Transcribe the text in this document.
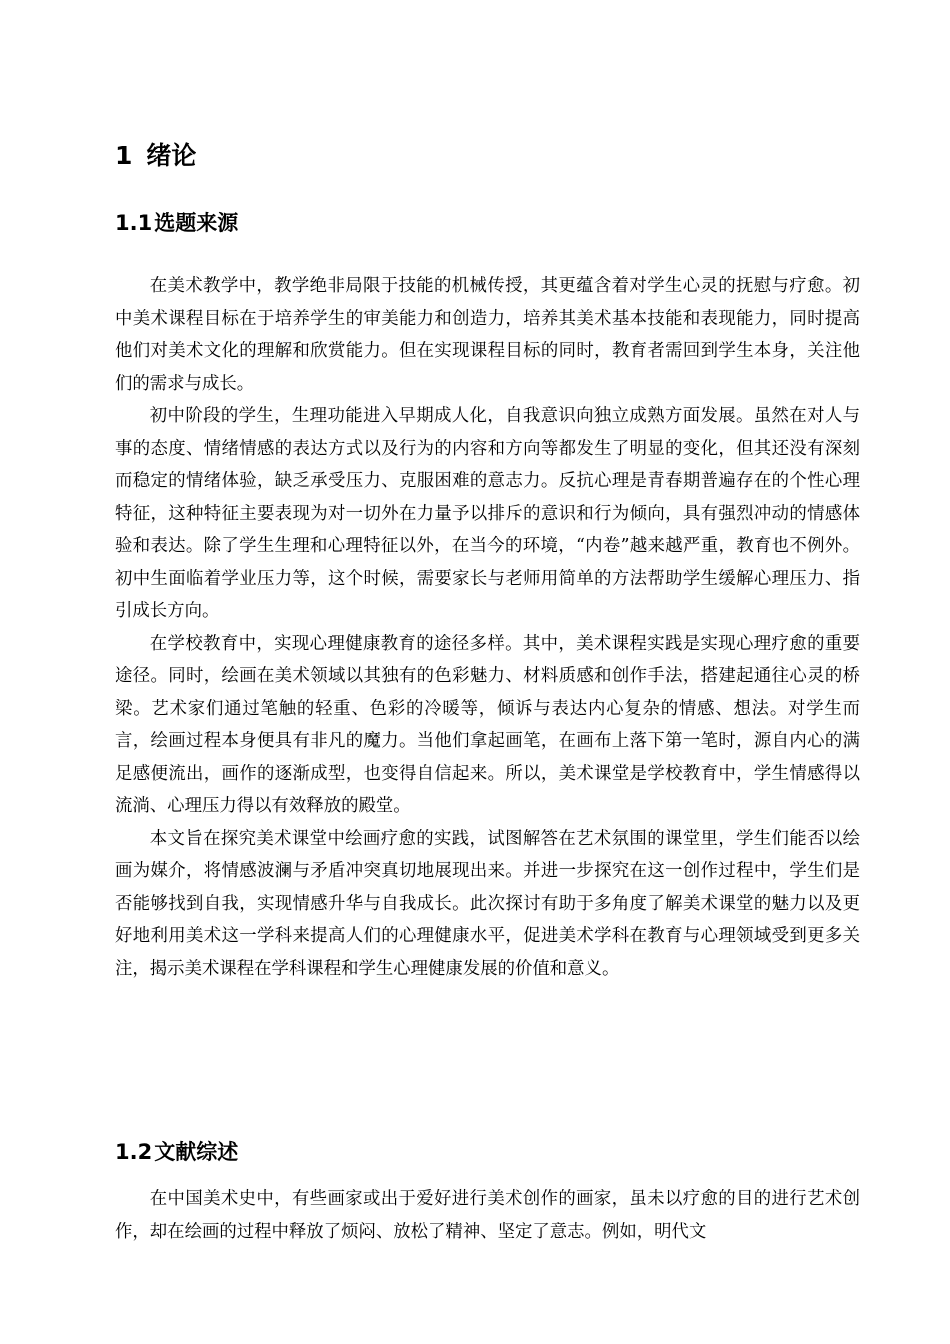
1 绪论
1.1选题来源

在美术教学中，教学绝非局限于技能的机械传授，其更蕴含着对学生心灵的抚慰与疗愈。初中美术课程目标在于培养学生的审美能力和创造力，培养其美术基本技能和表现能力，同时提高他们对美术文化的理解和欣赏能力。但在实现课程目标的同时，教育者需回到学生本身，关注他们的需求与成长。

初中阶段的学生，生理功能进入早期成人化，自我意识向独立成熟方面发展。虽然在对人与事的态度、情绪情感的表达方式以及行为的内容和方向等都发生了明显的变化，但其还没有深刻而稳定的情绪体验，缺乏承受压力、克服困难的意志力。反抗心理是青春期普遍存在的个性心理特征，这种特征主要表现为对一切外在力量予以排斥的意识和行为倾向，具有强烈冲动的情感体验和表达。除了学生生理和心理特征以外，在当今的环境，“内卷”越来越严重，教育也不例外。初中生面临着学业压力等，这个时候，需要家长与老师用简单的方法帮助学生缓解心理压力、指引成长方向。

在学校教育中，实现心理健康教育的途径多样。其中，美术课程实践是实现心理疗愈的重要途径。同时，绘画在美术领域以其独有的色彩魅力、材料质感和创作手法，搭建起通往心灵的桥梁。艺术家们通过笔触的轻重、色彩的冷暖等，倾诉与表达内心复杂的情感、想法。对学生而言，绘画过程本身便具有非凡的魔力。当他们拿起画笔，在画布上落下第一笔时，源自内心的满足感便流出，画作的逐渐成型，也变得自信起来。所以，美术课堂是学校教育中，学生情感得以流淌、心理压力得以有效释放的殿堂。

本文旨在探究美术课堂中绘画疗愈的实践，试图解答在艺术氛围的课堂里，学生们能否以绘画为媒介，将情感波澜与矛盾冲突真切地展现出来。并进一步探究在这一创作过程中，学生们是否能够找到自我，实现情感升华与自我成长。此次探讨有助于多角度了解美术课堂的魅力以及更好地利用美术这一学科来提高人们的心理健康水平，促进美术学科在教育与心理领域受到更多关注，揭示美术课程在学科课程和学生心理健康发展的价值和意义。

1.2文献综述

在中国美术史中，有些画家或出于爱好进行美术创作的画家，虽未以疗愈的目的进行艺术创作，却在绘画的过程中释放了烦闷、放松了精神、坚定了意志。例如，明代文
